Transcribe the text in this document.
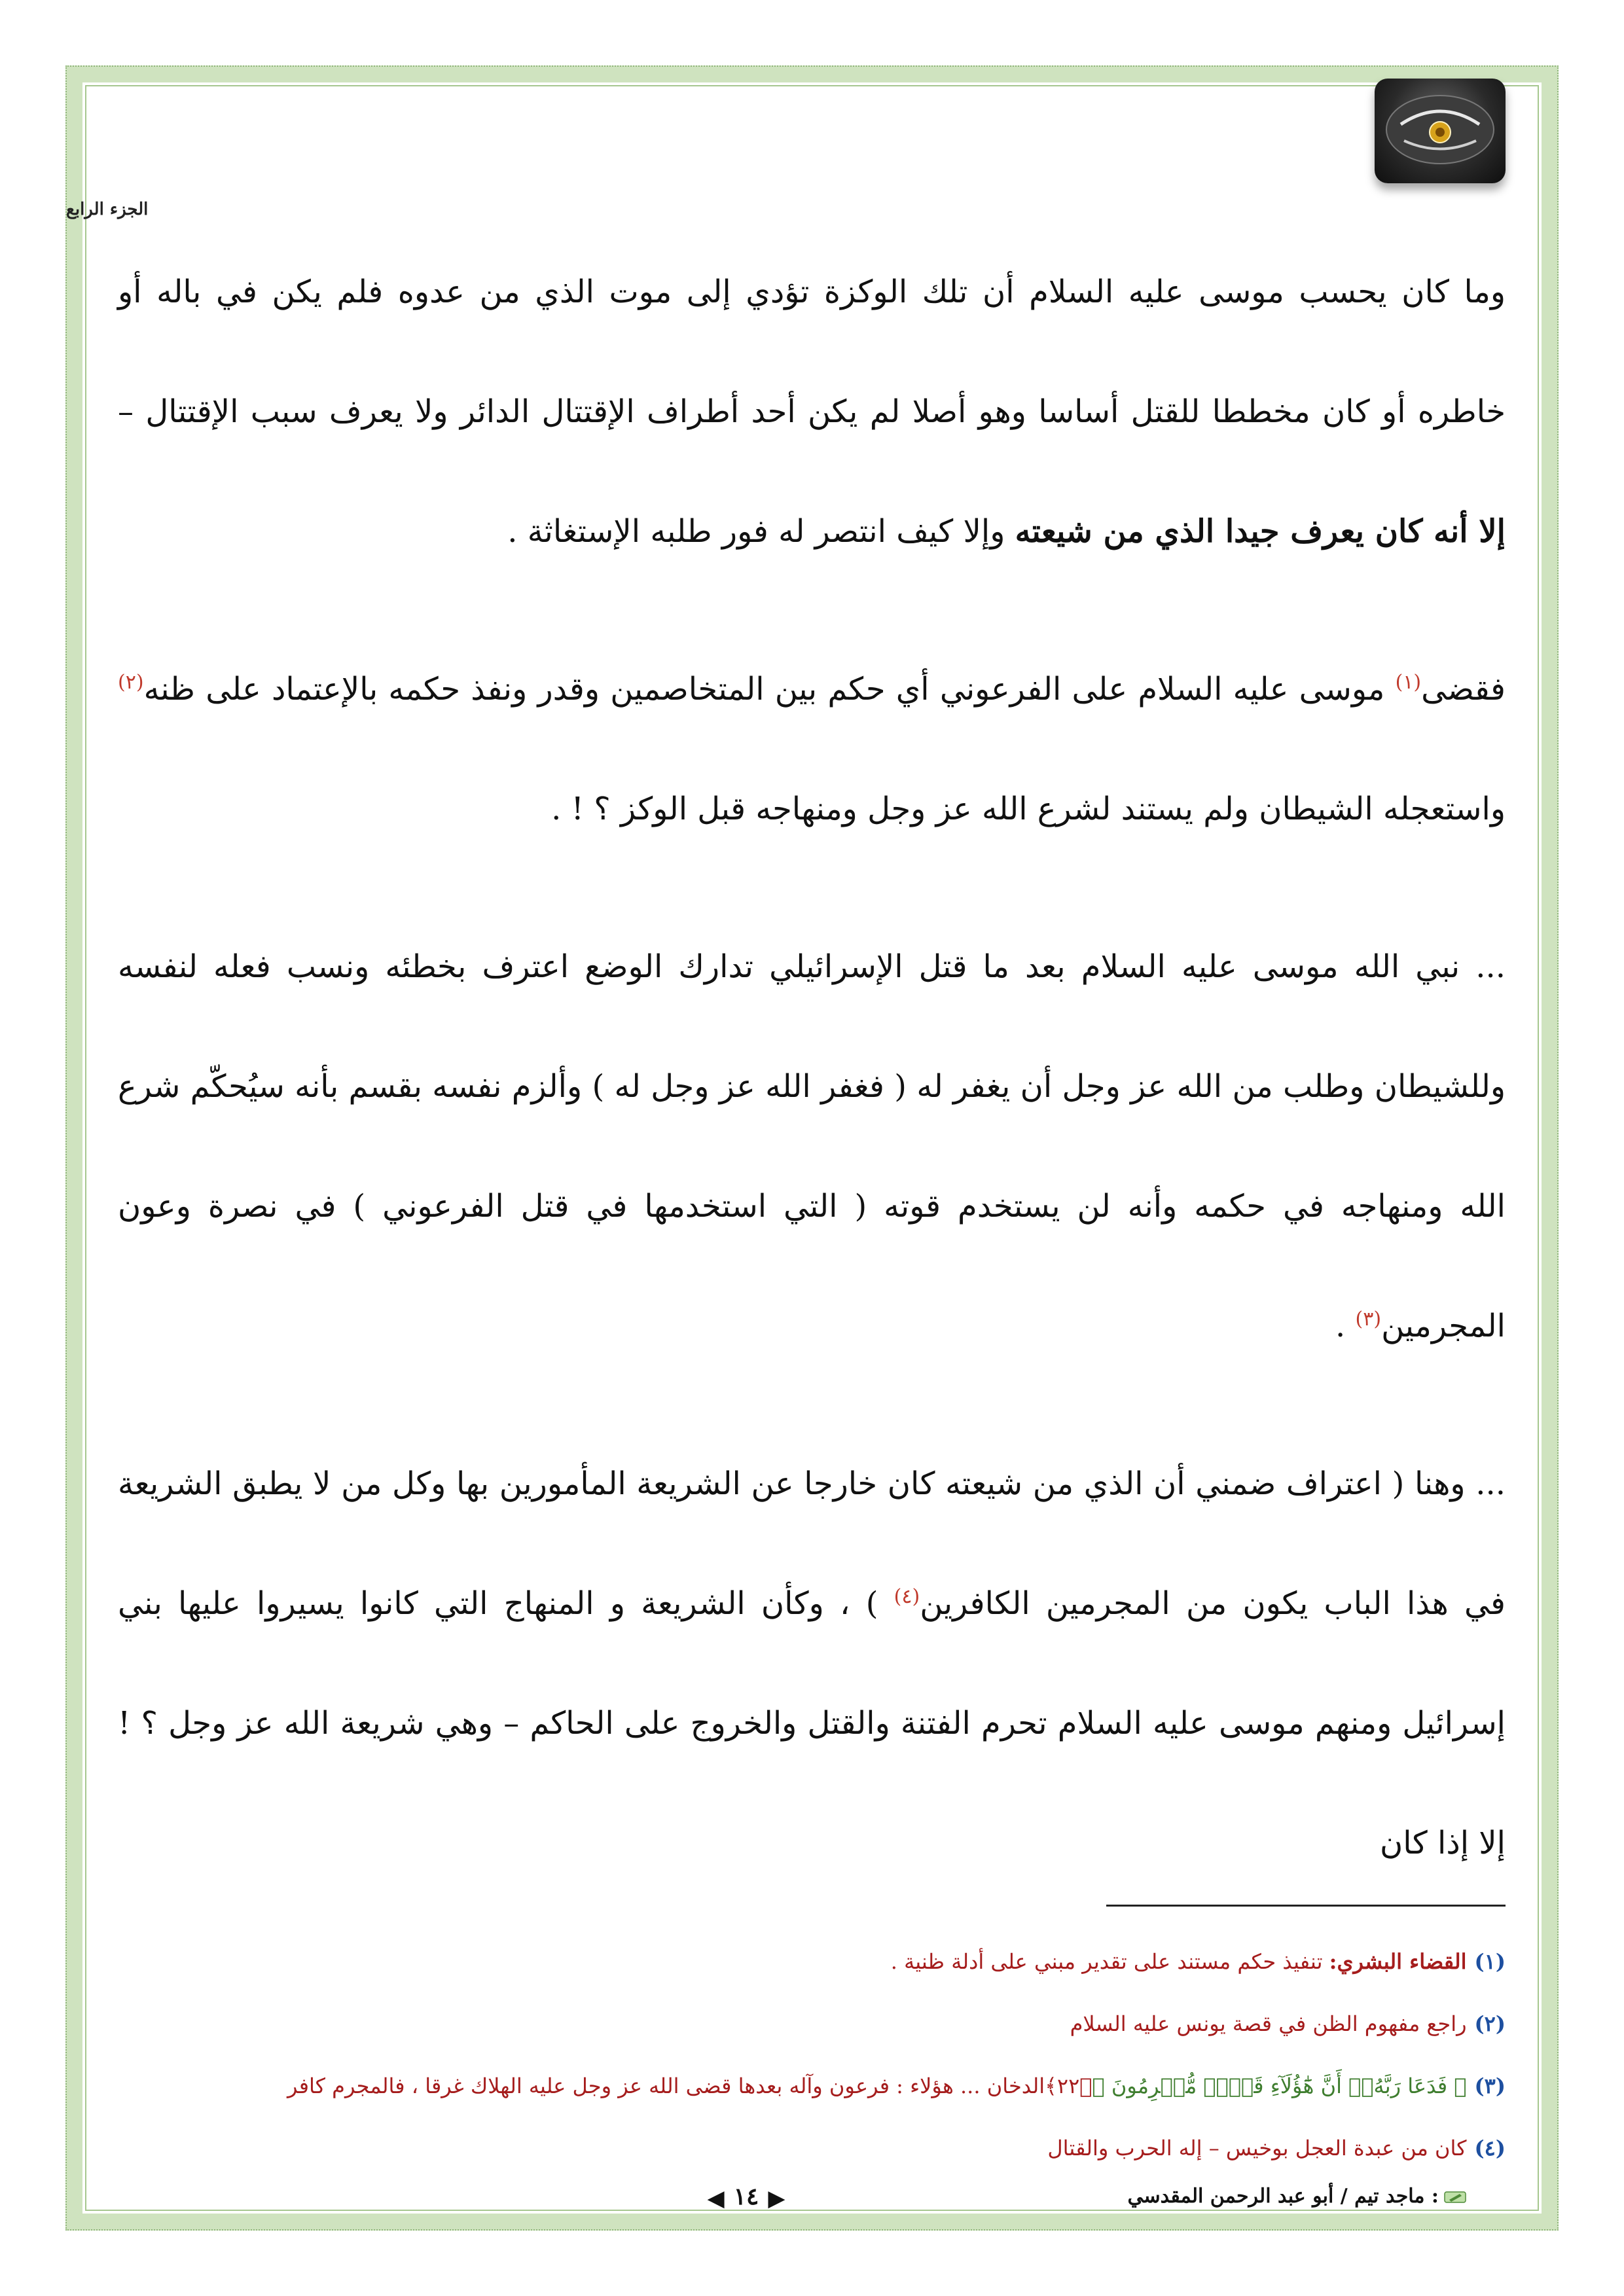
الجزء الرابع

وما كان يحسب موسى عليه السلام أن تلك الوكزة تؤدي إلى موت الذي من عدوه فلم يكن في باله أو خاطره أو كان مخططا للقتل أساسا وهو أصلا لم يكن أحد أطراف الإقتتال الدائر ولا يعرف سبب الإقتتال – إلا أنه كان يعرف جيدا الذي من شيعته وإلا كيف انتصر له فور طلبه الإستغاثة .

فقضى$^{(١)}$ موسى عليه السلام على الفرعوني أي حكم بين المتخاصمين وقدر ونفذ حكمه بالإعتماد على ظنه$^{(٢)}$ واستعجله الشيطان ولم يستند لشرع الله عز وجل ومنهاجه قبل الوكز ؟ ! .

... نبي الله موسى عليه السلام بعد ما قتل الإسرائيلي تدارك الوضع اعترف بخطئه ونسب فعله لنفسه وللشيطان وطلب من الله عز وجل أن يغفر له ( فغفر الله عز وجل له ) وألزم نفسه بقسم بأنه سيُحكّم شرع الله ومنهاجه في حكمه وأنه لن يستخدم قوته ( التي استخدمها في قتل الفرعوني ) في نصرة وعون المجرمين$^{(٣)}$ .

... وهنا ( اعتراف ضمني أن الذي من شيعته كان خارجا عن الشريعة المأمورين بها وكل من لا يطبق الشريعة في هذا الباب يكون من المجرمين الكافرين$^{(٤)}$ ) ، وكأن الشريعة و المنهاج التي كانوا يسيروا عليها بني إسرائيل ومنهم موسى عليه السلام تحرم الفتنة والقتل والخروج على الحاكم – وهي شريعة الله عز وجل ؟ ! إلا إذا كان

(١)القضاء البشري: تنفيذ حكم مستند على تقدير مبني على أدلة ظنية .
(٢)راجع مفهوم الظن في قصة يونس عليه السلام
(٣)﴿ فَدَعَا رَبَّهُۥٓ أَنَّ هَٰٓؤُلَآءِ قَوۡمٞ مُّجۡرِمُونَ ﴾﴿٢٢﴾الدخان ... هؤلاء : فرعون وآله بعدها قضى الله عز وجل عليه الهلاك غرقا ، فالمجرم كافر
(٤)كان من عبدة العجل بوخيس – إله الحرب والقتال
▶١٤◀	: ماجد تيم / أبو عبد الرحمن المقدسي
